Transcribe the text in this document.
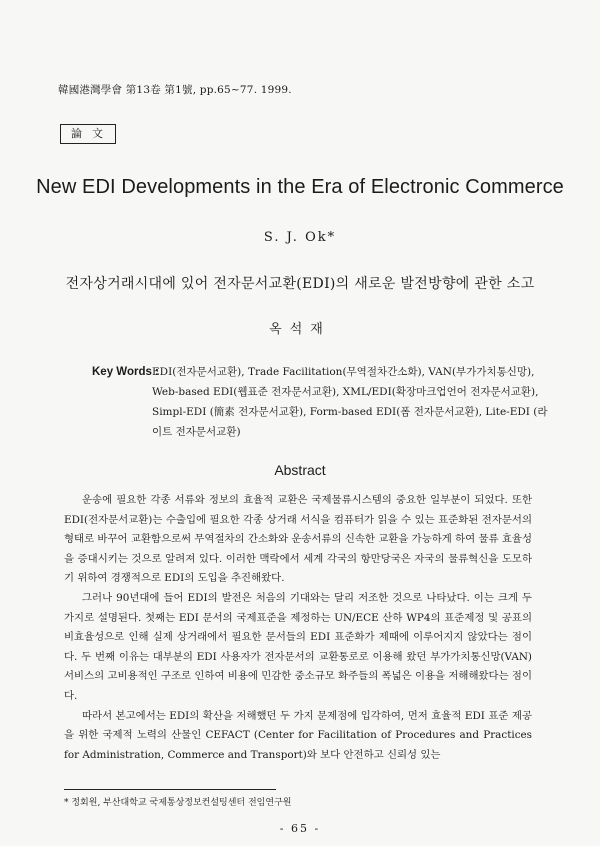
韓國港灣學會 第13卷 第1號, pp.65~77. 1999.
論文
New EDI Developments in the Era of Electronic Commerce
S. J. Ok*
전자상거래시대에 있어 전자문서교환(EDI)의 새로운 발전방향에 관한 소고
옥석재
Key Words :
EDI(전자문서교환), Trade Facilitation(무역절차간소화), VAN(부가가치통신망), Web-based EDI(웹표준 전자문서교환), XML/EDI(확장마크업언어 전자문서교환), Simpl-EDI (簡素 전자문서교환), Form-based EDI(폼 전자문서교환), Lite-EDI (라이트 전자문서교환)
Abstract

운송에 필요한 각종 서류와 정보의 효율적 교환은 국제물류시스템의 중요한 일부분이 되었다. 또한 EDI(전자문서교환)는 수출입에 필요한 각종 상거래 서식을 컴퓨터가 읽을 수 있는 표준화된 전자문서의 형태로 바꾸어 교환함으로써 무역절차의 간소화와 운송서류의 신속한 교환을 가능하게 하여 물류 효율성을 증대시키는 것으로 알려져 있다. 이러한 맥락에서 세계 각국의 항만당국은 자국의 물류혁신을 도모하기 위하여 경쟁적으로 EDI의 도입을 추진해왔다.

그러나 90년대에 들어 EDI의 발전은 처음의 기대와는 달리 저조한 것으로 나타났다. 이는 크게 두 가지로 설명된다. 첫째는 EDI 문서의 국제표준을 제정하는 UN/ECE 산하 WP4의 표준제정 및 공표의 비효율성으로 인해 실제 상거래에서 필요한 문서들의 EDI 표준화가 제때에 이루어지지 않았다는 점이다. 두 번째 이유는 대부분의 EDI 사용자가 전자문서의 교환통로로 이용해 왔던 부가가치통신망(VAN) 서비스의 고비용적인 구조로 인하여 비용에 민감한 중소규모 화주들의 폭넓은 이용을 저해해왔다는 점이다.

따라서 본고에서는 EDI의 확산을 저해했던 두 가지 문제점에 입각하여, 먼저 효율적 EDI 표준 제공을 위한 국제적 노력의 산물인 CEFACT (Center for Facilitation of Procedures and Practices for Administration, Commerce and Transport)와 보다 안전하고 신뢰성 있는

* 정회원, 부산대학교 국제통상정보컨설팅센터 전임연구원
- 65 -
